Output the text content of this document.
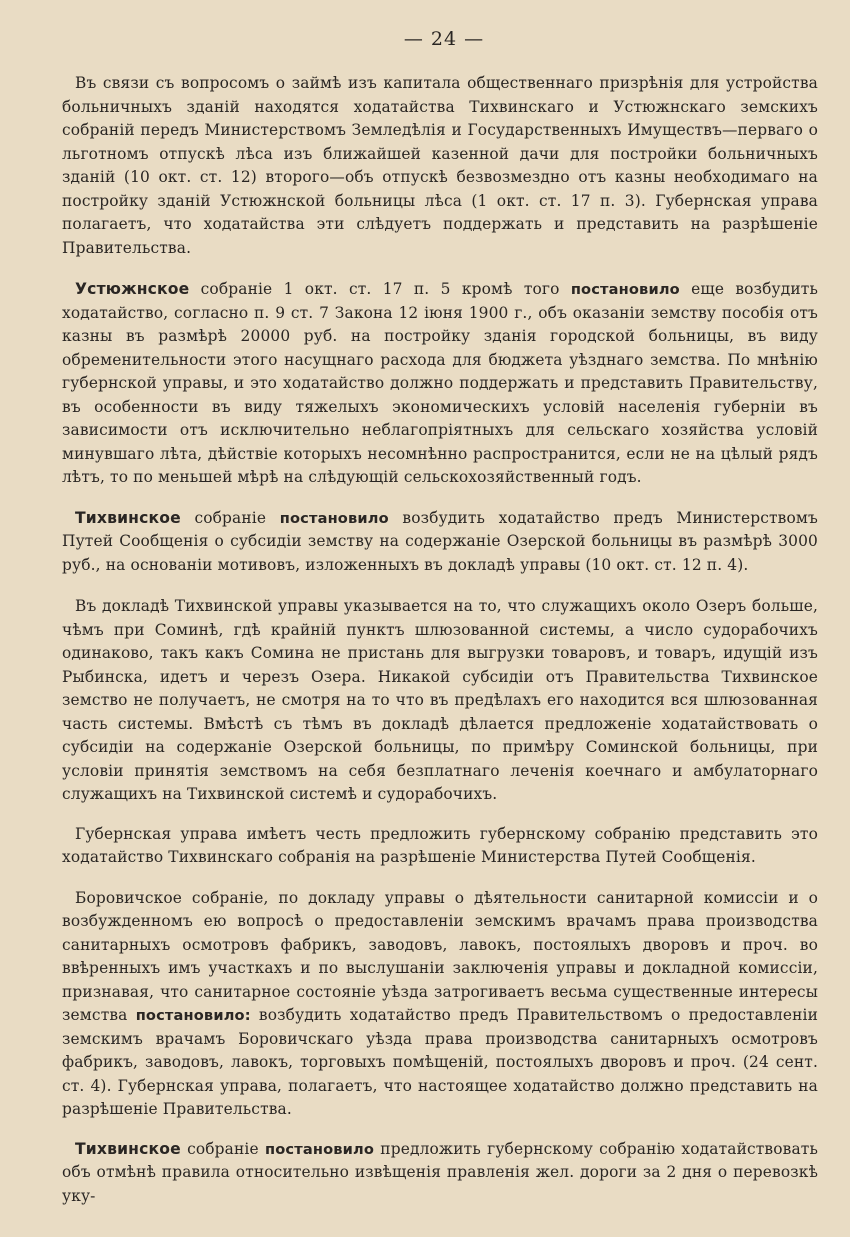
— 24 —

Въ связи съ вопросомъ о займѣ изъ капитала общественнаго призрѣнія для устройства больничныхъ зданій находятся ходатайства Тихвинскаго и Устюжнскаго земскихъ собраній передъ Министерствомъ Земледѣлія и Государственныхъ Имуществъ—перваго о льготномъ отпускѣ лѣса изъ ближайшей казенной дачи для постройки больничныхъ зданій (10 окт. ст. 12) второго—объ отпускѣ безвозмездно отъ казны необходимаго на постройку зданій Устюжнской больницы лѣса (1 окт. ст. 17 п. 3). Губернская управа полагаетъ, что ходатайства эти слѣдуетъ поддержать и представить на разрѣшеніе Правительства.

Устюжнское собраніе 1 окт. ст. 17 п. 5 кромѣ того постановило еще возбудить ходатайство, согласно п. 9 ст. 7 Закона 12 іюня 1900 г., объ оказаніи земству пособія отъ казны въ размѣрѣ 20000 руб. на постройку зданія городской больницы, въ виду обременительности этого насущнаго расхода для бюджета уѣзднаго земства. По мнѣнію губернской управы, и это ходатайство должно поддержать и представить Правительству, въ особенности въ виду тяжелыхъ экономическихъ условій населенія губерніи въ зависимости отъ исключительно неблагопріятныхъ для сельскаго хозяйства условій минувшаго лѣта, дѣйствіе которыхъ несомнѣнно распространится, если не на цѣлый рядъ лѣтъ, то по меньшей мѣрѣ на слѣдующій сельскохозяйственный годъ.

Тихвинское собраніе постановило возбудить ходатайство предъ Министерствомъ Путей Сообщенія о субсидіи земству на содержаніе Озерской больницы въ размѣрѣ 3000 руб., на основаніи мотивовъ, изложенныхъ въ докладѣ управы (10 окт. ст. 12 п. 4).

Въ докладѣ Тихвинской управы указывается на то, что служащихъ около Озеръ больше, чѣмъ при Соминѣ, гдѣ крайній пунктъ шлюзованной системы, а число судорабочихъ одинаково, такъ какъ Сомина не пристань для выгрузки товаровъ, и товаръ, идущій изъ Рыбинска, идетъ и черезъ Озера. Никакой субсидіи отъ Правительства Тихвинское земство не получаетъ, не смотря на то что въ предѣлахъ его находится вся шлюзованная часть системы. Вмѣстѣ съ тѣмъ въ докладѣ дѣлается предложеніе ходатайствовать о субсидіи на содержаніе Озерской больницы, по примѣру Соминской больницы, при условіи принятія земствомъ на себя безплатнаго леченія коечнаго и амбулаторнаго служащихъ на Тихвинской системѣ и судорабочихъ.

Губернская управа имѣетъ честь предложить губернскому собранію представить это ходатайство Тихвинскаго собранія на разрѣшеніе Министерства Путей Сообщенія.

Боровичское собраніе, по докладу управы о дѣятельности санитарной комиссіи и о возбужденномъ ею вопросѣ о предоставленіи земскимъ врачамъ права производства санитарныхъ осмотровъ фабрикъ, заводовъ, лавокъ, постоялыхъ дворовъ и проч. во ввѣренныхъ имъ участкахъ и по выслушаніи заключенія управы и докладной комиссіи, признавая, что санитарное состояніе уѣзда затрогиваетъ весьма существенные интересы земства постановило: возбудить ходатайство предъ Правительствомъ о предоставленіи земскимъ врачамъ Боровичскаго уѣзда права производства санитарныхъ осмотровъ фабрикъ, заводовъ, лавокъ, торговыхъ помѣщеній, постоялыхъ дворовъ и проч. (24 сент. ст. 4). Губернская управа, полагаетъ, что настоящее ходатайство должно представить на разрѣшеніе Правительства.

Тихвинское собраніе постановило предложить губернскому собранію ходатайствовать объ отмѣнѣ правила относительно извѣщенія правленія жел. дороги за 2 дня о перевозкѣ уку-
